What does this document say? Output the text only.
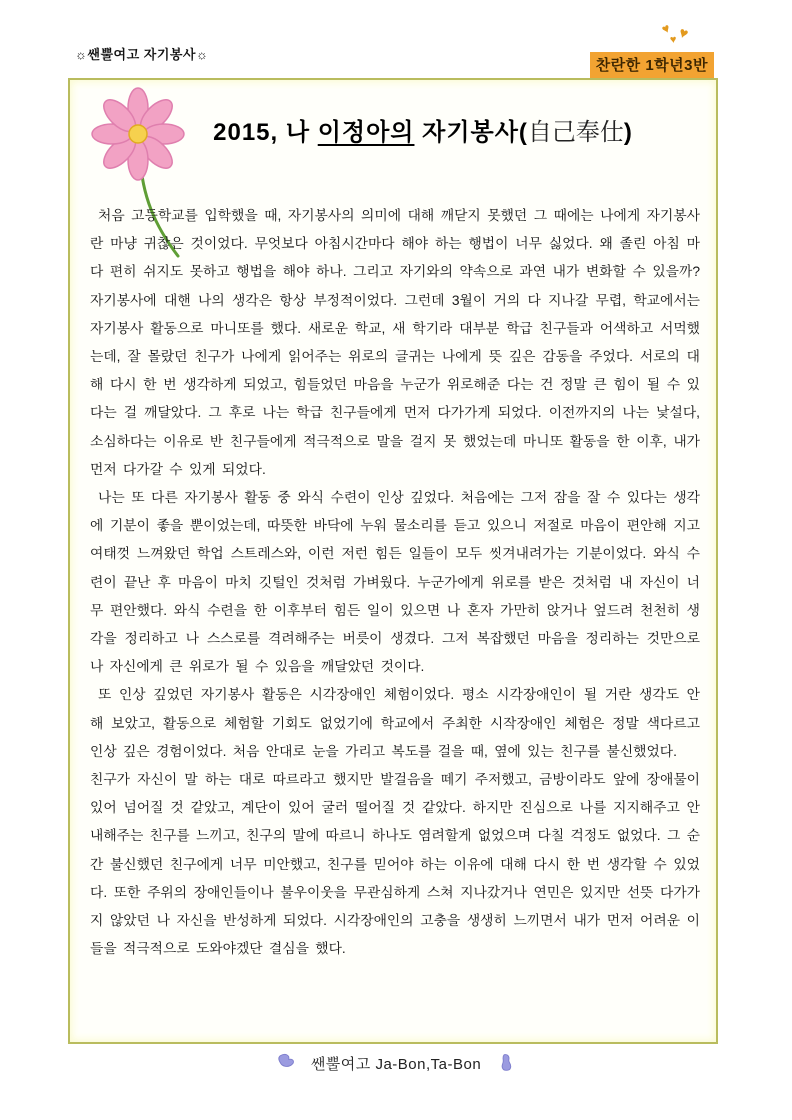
☼쌘뿔여고 자기봉사☼
♥ ♥
♥
찬란한 1학년3반
2015, 나 이정아의 자기봉사(自己奉仕)

처음 고등학교를 입학했을 때, 자기봉사의 의미에 대해 깨닫지 못했던 그 때에는 나에게 자기봉사란 마냥 귀찮은 것이었다. 무엇보다 아침시간마다 해야 하는 행법이 너무 싫었다. 왜 졸린 아침 마다 편히 쉬지도 못하고 행법을 해야 하나. 그리고 자기와의 약속으로 과연 내가 변화할 수 있을까? 자기봉사에 대핸 나의 생각은 항상 부정적이었다. 그런데 3월이 거의 다 지나갈 무렵, 학교에서는 자기봉사 활동으로 마니또를 했다. 새로운 학교, 새 학기라 대부분 학급 친구들과 어색하고 서먹했는데, 잘 몰랐던 친구가 나에게 읽어주는 위로의 글귀는 나에게 뜻 깊은 감동을 주었다. 서로의 대해 다시 한 번 생각하게 되었고, 힘들었던 마음을 누군가 위로해준 다는 건 정말 큰 힘이 될 수 있다는 걸 깨달았다. 그 후로 나는 학급 친구들에게 먼저 다가가게 되었다. 이전까지의 나는 낯설다, 소심하다는 이유로 반 친구들에게 적극적으로 말을 걸지 못 했었는데 마니또 활동을 한 이후, 내가 먼저 다가갈 수 있게 되었다.

나는 또 다른 자기봉사 활동 중 와식 수련이 인상 깊었다. 처음에는 그저 잠을 잘 수 있다는 생각에 기분이 좋을 뿐이었는데, 따뜻한 바닥에 누워 물소리를 듣고 있으니 저절로 마음이 편안해 지고 여태껏 느껴왔던 학업 스트레스와, 이런 저런 힘든 일들이 모두 씻겨내려가는 기분이었다. 와식 수련이 끝난 후 마음이 마치 깃털인 것처럼 가벼웠다. 누군가에게 위로를 받은 것처럼 내 자신이 너무 편안했다. 와식 수련을 한 이후부터 힘든 일이 있으면 나 혼자 가만히 앉거나 엎드려 천천히 생각을 정리하고 나 스스로를 격려해주는 버릇이 생겼다. 그저 복잡했던 마음을 정리하는 것만으로 나 자신에게 큰 위로가 될 수 있음을 깨달았던 것이다.

또 인상 깊었던 자기봉사 활동은 시각장애인 체험이었다. 평소 시각장애인이 될 거란 생각도 안 해 보았고, 활동으로 체험할 기회도 없었기에 학교에서 주최한 시작장애인 체험은 정말 색다르고 인상 깊은 경험이었다. 처음 안대로 눈을 가리고 복도를 걸을 때, 옆에 있는 친구를 불신했었다.

친구가 자신이 말 하는 대로 따르라고 했지만 발걸음을 떼기 주저했고, 금방이라도 앞에 장애물이 있어 넘어질 것 같았고, 계단이 있어 굴러 떨어질 것 같았다. 하지만 진심으로 나를 지지해주고 안내해주는 친구를 느끼고, 친구의 말에 따르니 하나도 염려할게 없었으며 다칠 걱정도 없었다. 그 순간 불신했던 친구에게 너무 미안했고, 친구를 믿어야 하는 이유에 대해 다시 한 번 생각할 수 있었다. 또한 주위의 장애인들이나 불우이웃을 무관심하게 스쳐 지나갔거나 연민은 있지만 선뜻 다가가지 않았던 나 자신을 반성하게 되었다. 시각장애인의 고충을 생생히 느끼면서 내가 먼저 어려운 이들을 적극적으로 도와야겠단 결심을 했다.

쌘뿔여고 Ja-Bon,Ta-Bon
